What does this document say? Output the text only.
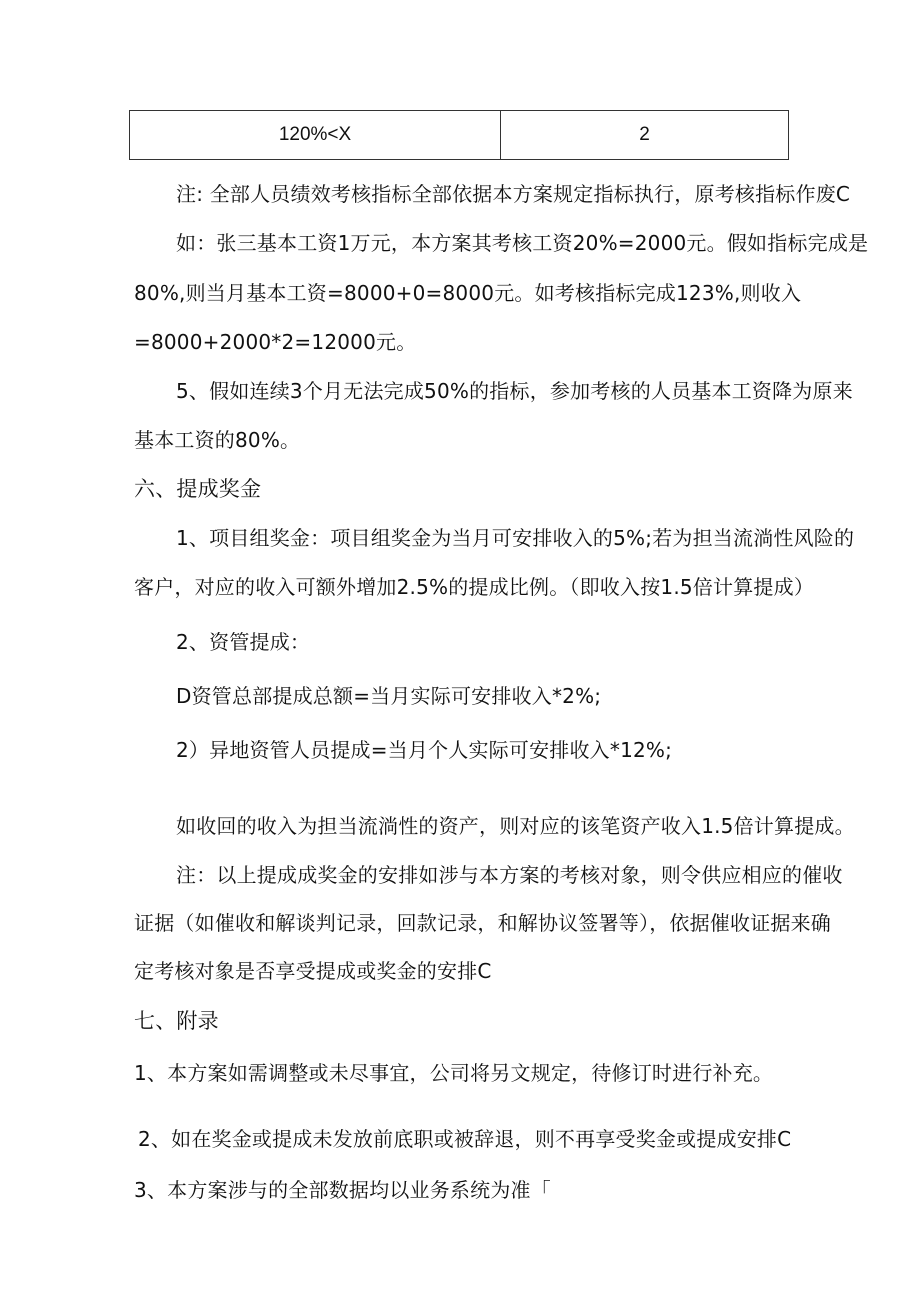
120%<X	2
注: 全部人员绩效考核指标全部依据本方案规定指标执行，原考核指标作废C
如：张三基本工资1万元，本方案其考核工资20%=2000元。假如指标完成是
80%,则当月基本工资=8000+0=8000元。如考核指标完成123%,则收入
=8000+2000*2=12000元。
5、假如连续3个月无法完成50%的指标，参加考核的人员基本工资降为原来
基本工资的80%。
六、提成奖金
1、项目组奖金：项目组奖金为当月可安排收入的5%;若为担当流淌性风险的
客户，对应的收入可额外增加2.5%的提成比例。（即收入按1.5倍计算提成）
2、资管提成：
D资管总部提成总额=当月实际可安排收入*2%;
2）异地资管人员提成=当月个人实际可安排收入*12%;
如收回的收入为担当流淌性的资产，则对应的该笔资产收入1.5倍计算提成。
注：以上提成成奖金的安排如涉与本方案的考核对象，则令供应相应的催收
证据（如催收和解谈判记录，回款记录，和解协议签署等），依据催收证据来确
定考核对象是否享受提成或奖金的安排C
七、附录
1、本方案如需调整或未尽事宜，公司将另文规定，待修订时进行补充。
2、如在奖金或提成未发放前底职或被辞退，则不再享受奖金或提成安排C
3、本方案涉与的全部数据均以业务系统为准「
